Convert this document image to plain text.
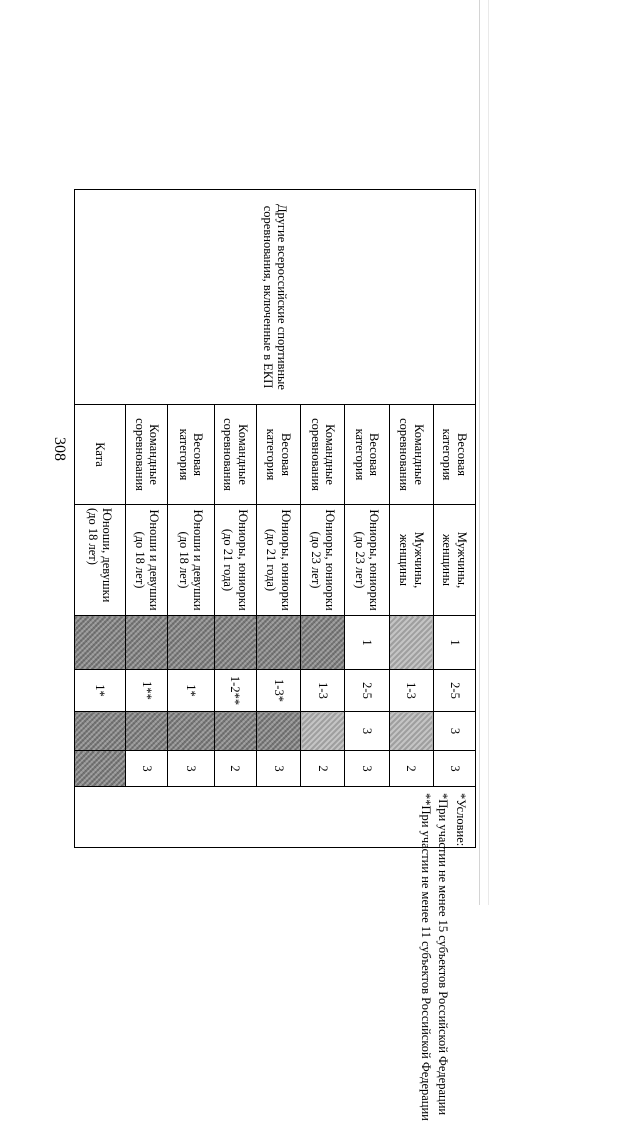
308
Другие всероссийские спортивные соревнования, включенные в ЕКП	Весовая категория	Мужчины, женщины	1	2-5	3	3	*Условие:
*При участии не менее 15 субъектов Российской Федерации
**При участии не менее 11 субъектов Российской Федерации

	Командные соревнования	Мужчины, женщины		1-3		2	
	Весовая категория	Юниоры, юниорки (до 23 лет)	1	2-5	3	3	
	Командные соревнования	Юниоры, юниорки (до 23 лет)		1-3		2	
	Весовая категория	Юниоры, юниорки (до 21 года)		1-3*		3	
	Командные соревнования	Юниоры, юниорки (до 21 года)		1-2**		2	
	Весовая категория	Юноши и девушки (до 18 лет)		1*		3	
	Командные соревнования	Юноши и девушки (до 18 лет)		1**		3	
	Ката	Юноши, девушки (до 18 лет)		1*			
